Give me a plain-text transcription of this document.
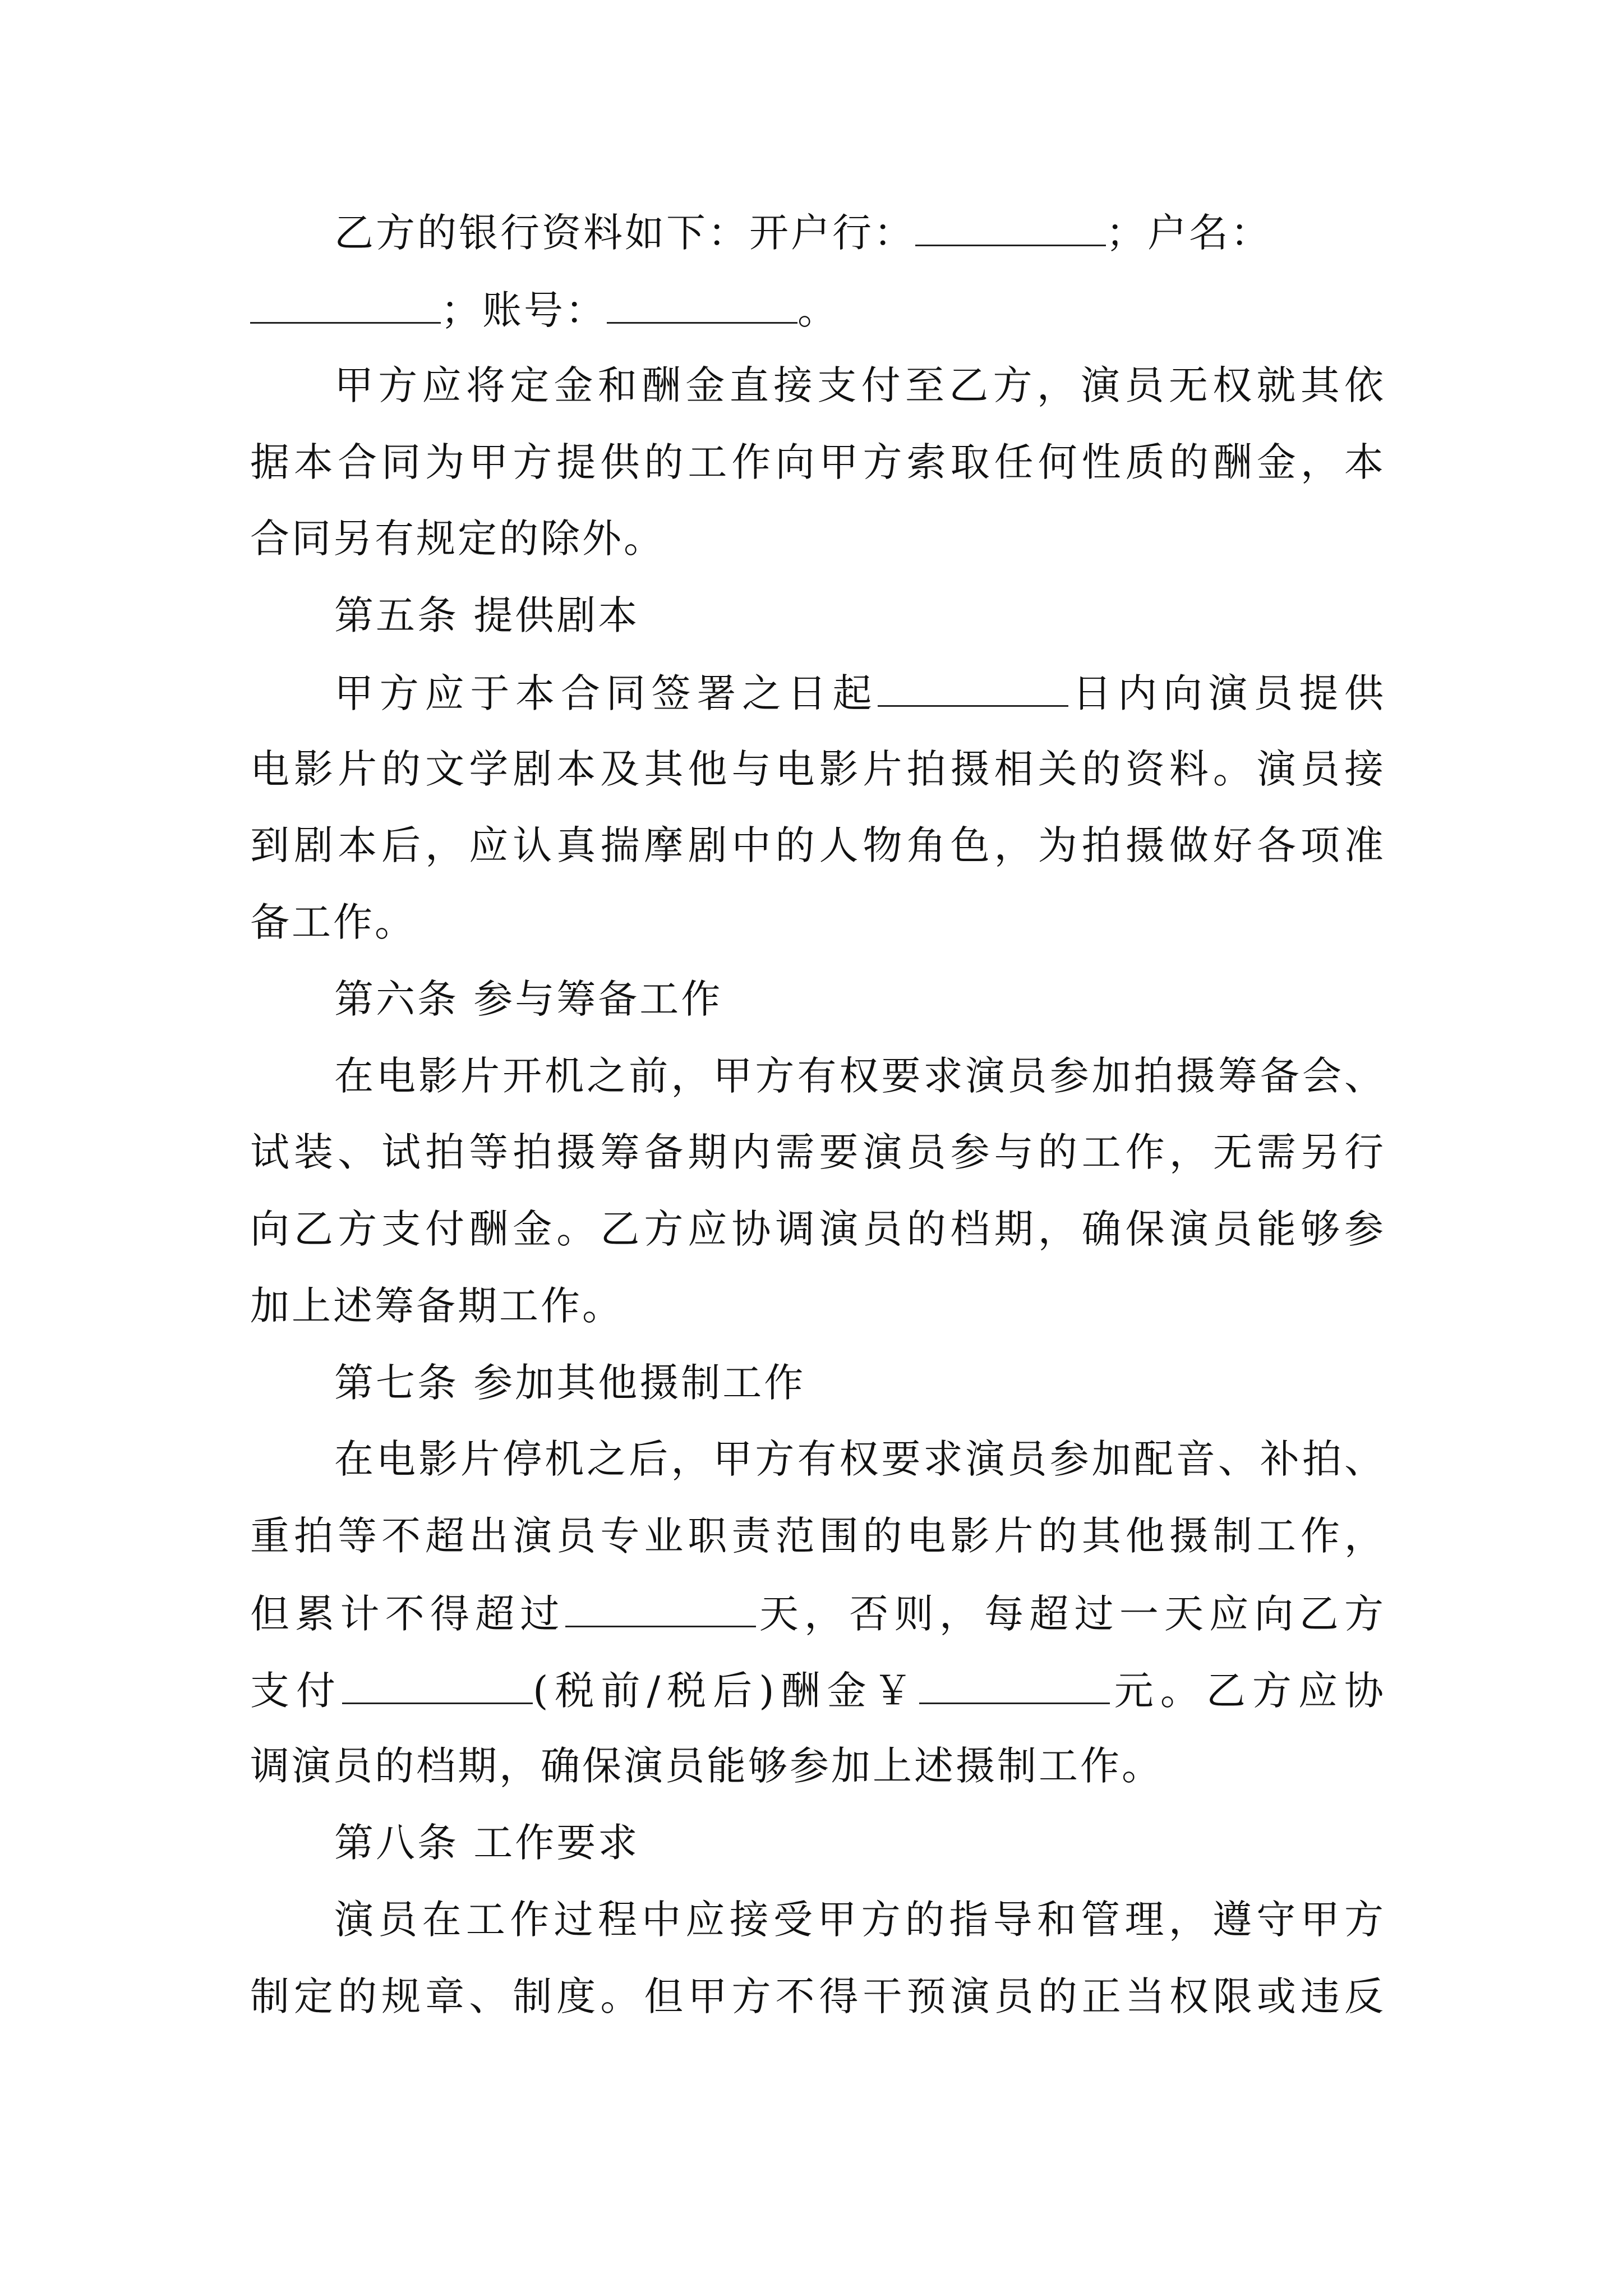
乙方的银行资料如下：开户行：	；户名：
；账号：	。
甲方应将定金和酬金直接支付至乙方，演员无权就其依
据本合同为甲方提供的工作向甲方索取任何性质的酬金，本
合同另有规定的除外。
第五条 提供剧本
甲方应于本合同签署之日起	日内向演员提供
电影片的文学剧本及其他与电影片拍摄相关的资料。演员接
到剧本后，应认真揣摩剧中的人物角色，为拍摄做好各项准
备工作。
第六条 参与筹备工作
在电影片开机之前，甲方有权要求演员参加拍摄筹备会、
试装、试拍等拍摄筹备期内需要演员参与的工作，无需另行
向乙方支付酬金。乙方应协调演员的档期，确保演员能够参
加上述筹备期工作。
第七条 参加其他摄制工作
在电影片停机之后，甲方有权要求演员参加配音、补拍、
重拍等不超出演员专业职责范围的电影片的其他摄制工作，
但累计不得超过	天，否则，每超过一天应向乙方
支付	(税前/税后)酬金￥	元。乙方应协
调演员的档期，确保演员能够参加上述摄制工作。
第八条 工作要求
演员在工作过程中应接受甲方的指导和管理，遵守甲方
制定的规章、制度。但甲方不得干预演员的正当权限或违反
